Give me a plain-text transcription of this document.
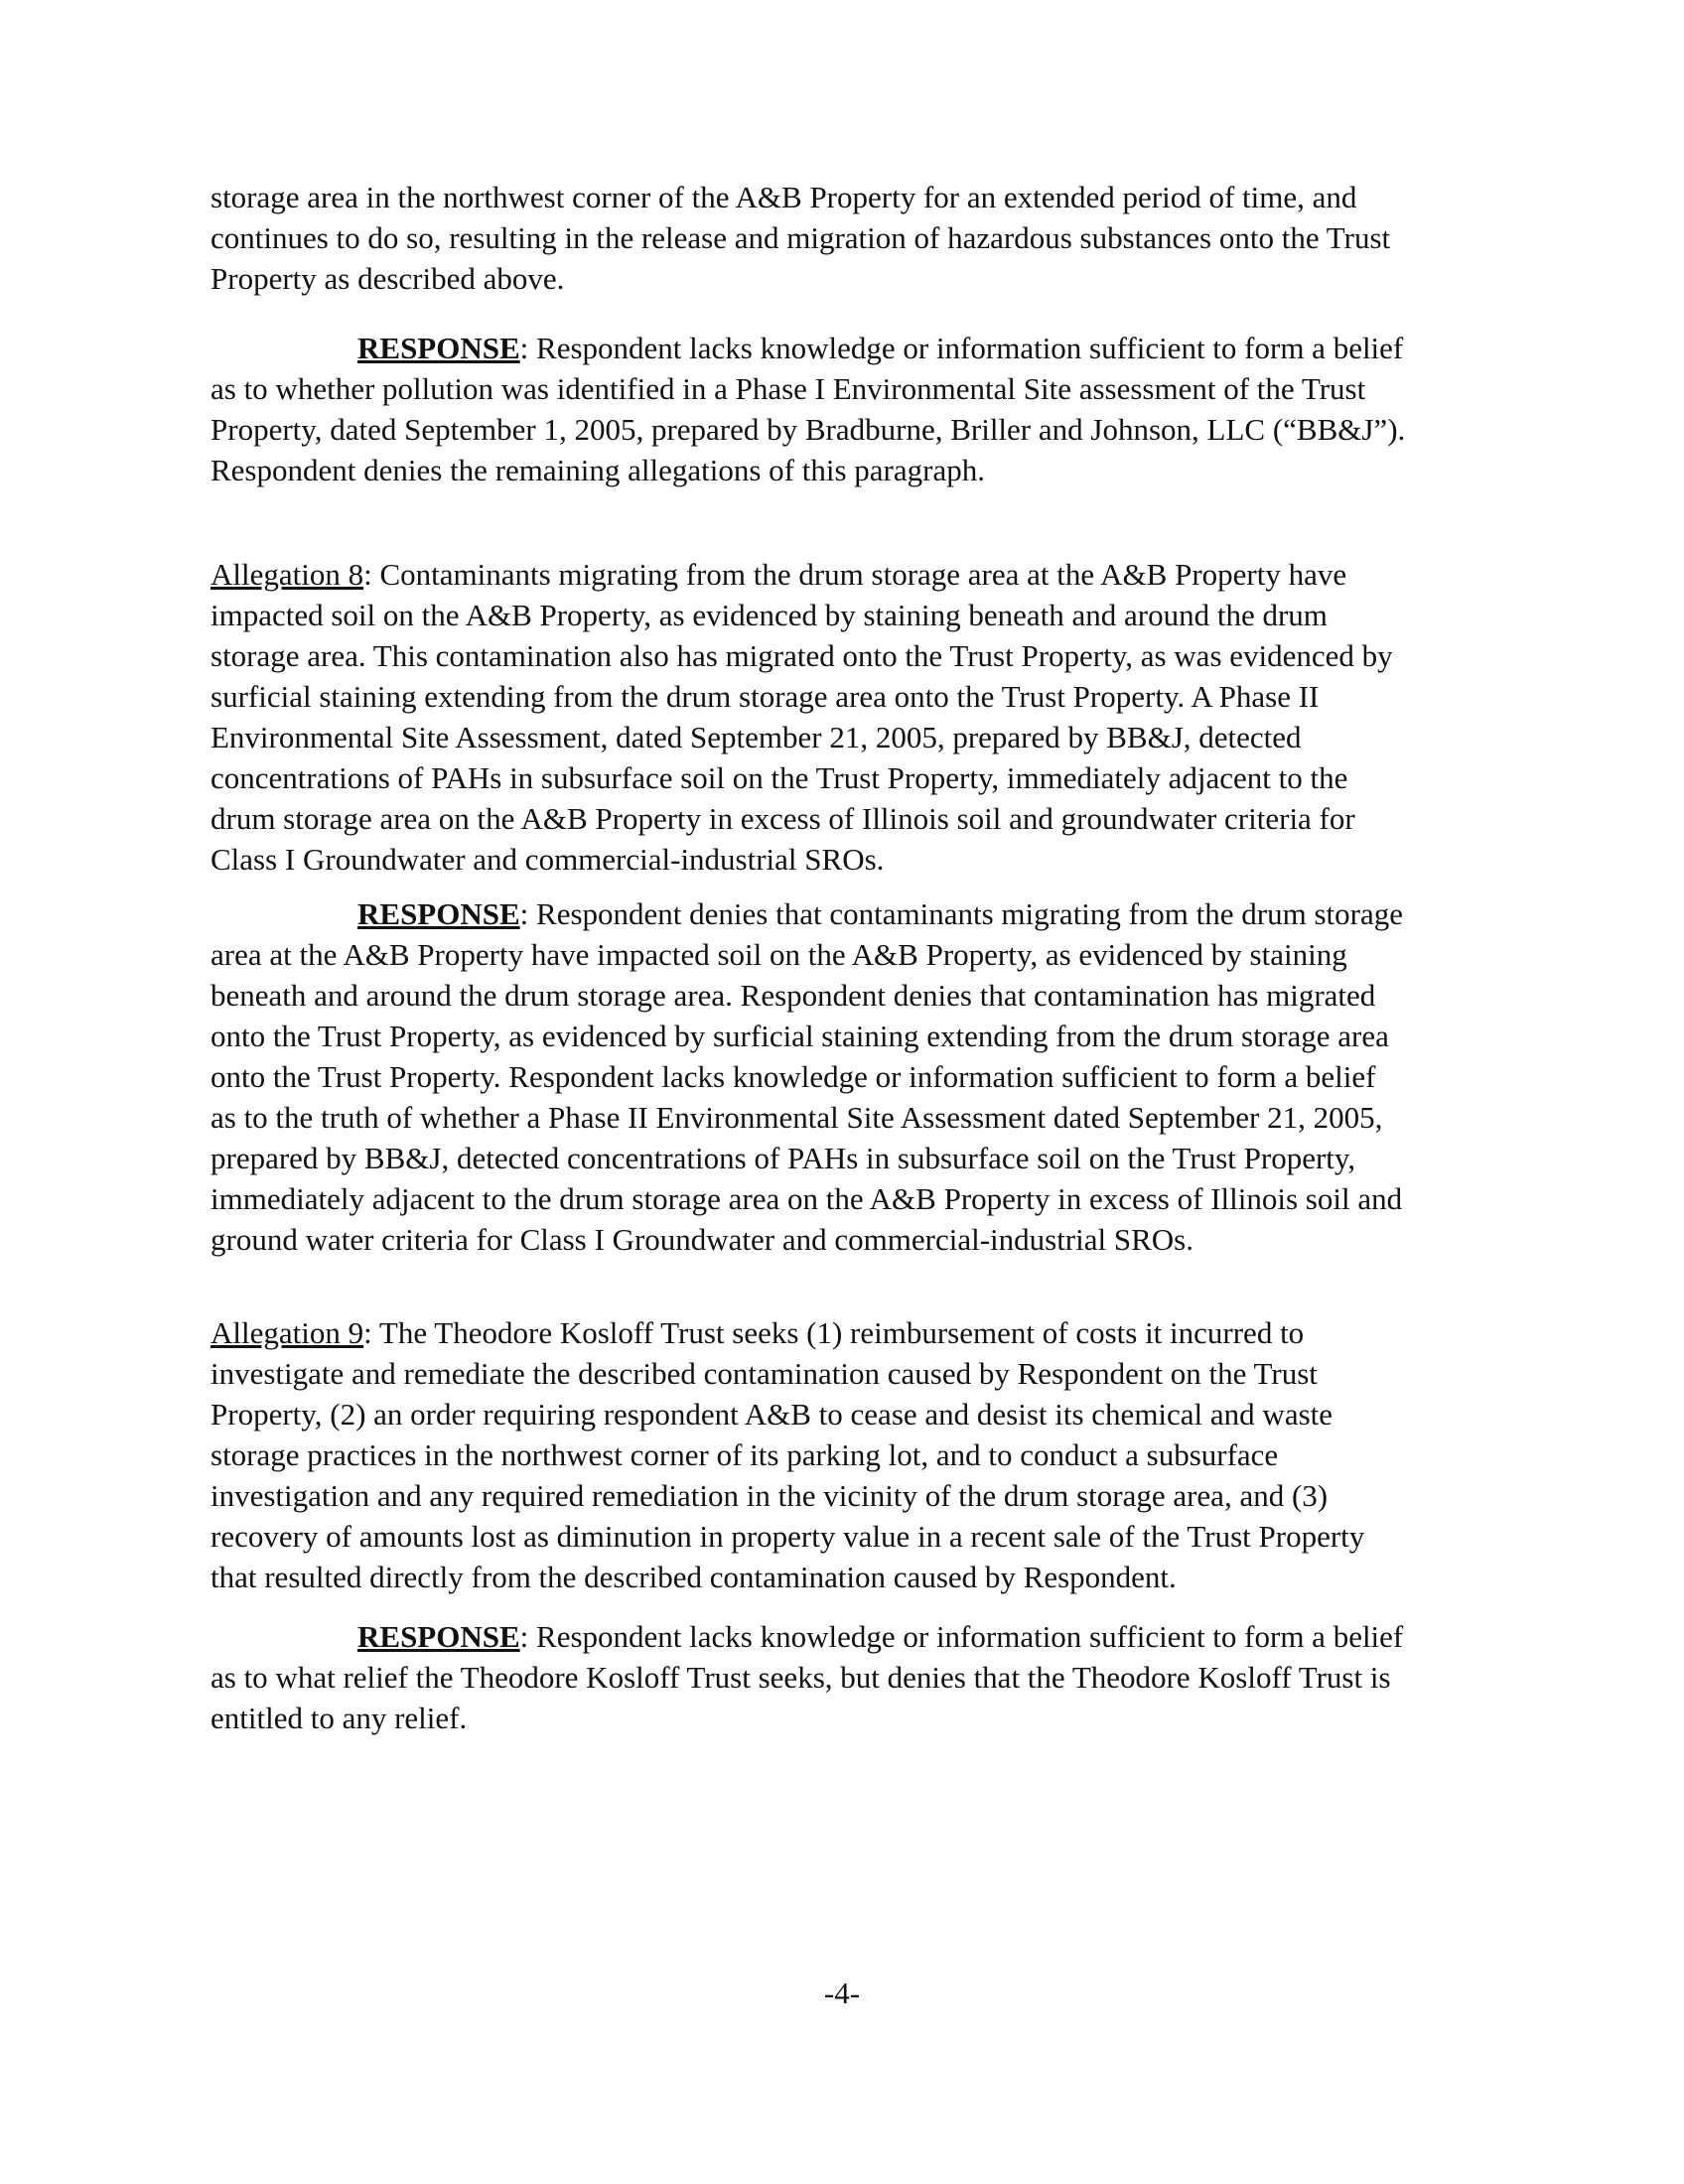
storage area in the northwest corner of the A&B Property for an extended period of time, and
continues to do so, resulting in the release and migration of hazardous substances onto the Trust
Property as described above.

RESPONSE: Respondent lacks knowledge or information sufficient to form a belief
as to whether pollution was identified in a Phase I Environmental Site assessment of the Trust
Property, dated September 1, 2005, prepared by Bradburne, Briller and Johnson, LLC (“BB&J”).
Respondent denies the remaining allegations of this paragraph.

Allegation 8: Contaminants migrating from the drum storage area at the A&B Property have
impacted soil on the A&B Property, as evidenced by staining beneath and around the drum
storage area. This contamination also has migrated onto the Trust Property, as was evidenced by
surficial staining extending from the drum storage area onto the Trust Property. A Phase II
Environmental Site Assessment, dated September 21, 2005, prepared by BB&J, detected
concentrations of PAHs in subsurface soil on the Trust Property, immediately adjacent to the
drum storage area on the A&B Property in excess of Illinois soil and groundwater criteria for
Class I Groundwater and commercial-industrial SROs.

RESPONSE: Respondent denies that contaminants migrating from the drum storage
area at the A&B Property have impacted soil on the A&B Property, as evidenced by staining
beneath and around the drum storage area. Respondent denies that contamination has migrated
onto the Trust Property, as evidenced by surficial staining extending from the drum storage area
onto the Trust Property. Respondent lacks knowledge or information sufficient to form a belief
as to the truth of whether a Phase II Environmental Site Assessment dated September 21, 2005,
prepared by BB&J, detected concentrations of PAHs in subsurface soil on the Trust Property,
immediately adjacent to the drum storage area on the A&B Property in excess of Illinois soil and
ground water criteria for Class I Groundwater and commercial-industrial SROs.

Allegation 9: The Theodore Kosloff Trust seeks (1) reimbursement of costs it incurred to
investigate and remediate the described contamination caused by Respondent on the Trust
Property, (2) an order requiring respondent A&B to cease and desist its chemical and waste
storage practices in the northwest corner of its parking lot, and to conduct a subsurface
investigation and any required remediation in the vicinity of the drum storage area, and (3)
recovery of amounts lost as diminution in property value in a recent sale of the Trust Property
that resulted directly from the described contamination caused by Respondent.

RESPONSE: Respondent lacks knowledge or information sufficient to form a belief
as to what relief the Theodore Kosloff Trust seeks, but denies that the Theodore Kosloff Trust is
entitled to any relief.

-4-
